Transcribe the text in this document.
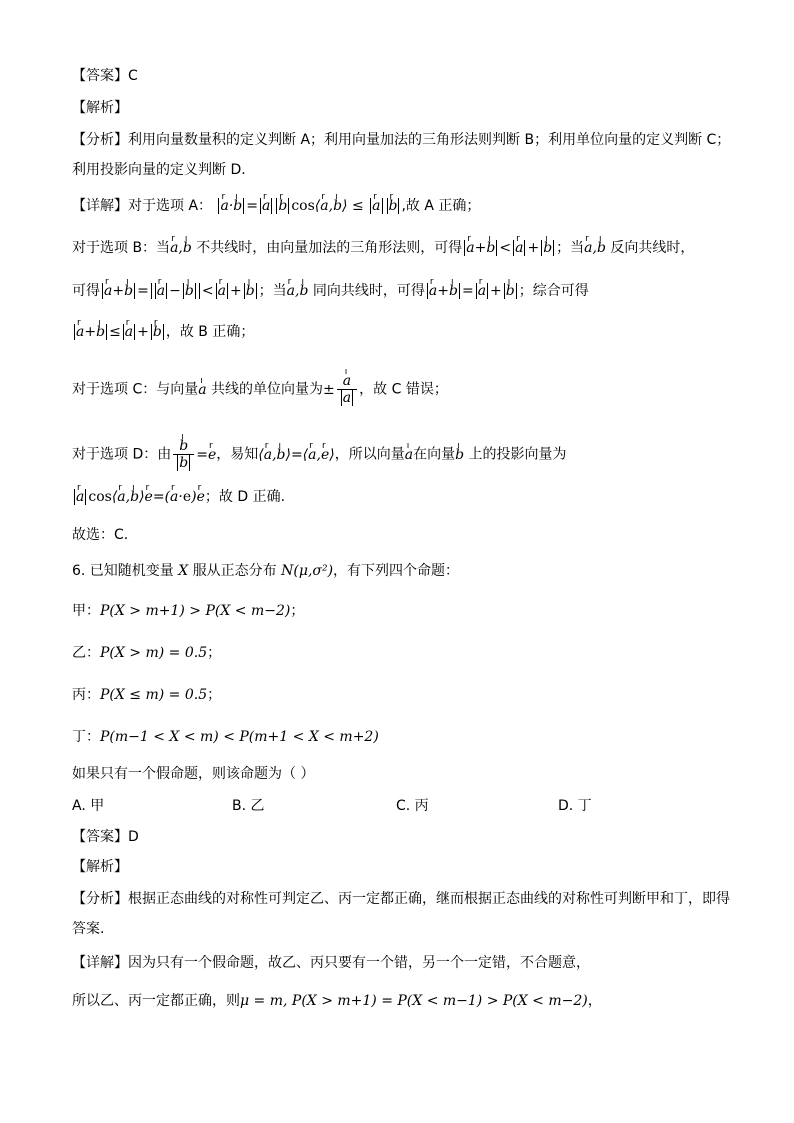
【答案】C
【解析】
【分析】利用向量数量积的定义判断 A；利用向量加法的三角形法则判断 B；利用单位向量的定义判断 C；
利用投影向量的定义判断 D.
【详解】对于选项 A： r a·ı b = r a r b cos⟨r a,ı b⟩ ≤ r a r b ,故 A 正确；
对于选项 B：当r a,ı b 不共线时，由向量加法的三角形法则，可得 r a+ı b < r a + ı b ；当r a,ı b 反向共线时，
可得 r a+ı b = r a − ı b < r a + ı b ；当r a,ı b 同向共线时，可得 r a+ı b = r a + ı b ；综合可得
r a+ı b ≤ r a + r b ，故 B 正确；
对于选项 C：与向量ı a 共线的单位向量为± ı $\frac{a}{a}$ ，故 C 错误；
对于选项 D：由 ı $\frac{b}{b} =r$ e，易知⟨r a,ı b⟩=⟨r a,r e⟩，所以向量ı a在向量ı b 上的投影向量为
r a cos⟨r a,ı b⟩r e=(r a·e)r e；故 D 正确.
故选：C.
6. 已知随机变量 X 服从正态分布 N(μ,σ²)，有下列四个命题：
甲：P(X > m+1) > P(X < m−2)；
乙：P(X > m) = 0.5；
丙：P(X ≤ m) = 0.5；
丁：P(m−1 < X < m) < P(m+1 < X < m+2)
如果只有一个假命题，则该命题为（ ）
A. 甲	B. 乙	C. 丙	D. 丁
【答案】D
【解析】
【分析】根据正态曲线的对称性可判定乙、丙一定都正确，继而根据正态曲线的对称性可判断甲和丁，即得
答案.
【详解】因为只有一个假命题，故乙、丙只要有一个错，另一个一定错，不合题意，
所以乙、丙一定都正确，则μ = m, P(X > m+1) = P(X < m−1) > P(X < m−2)，
